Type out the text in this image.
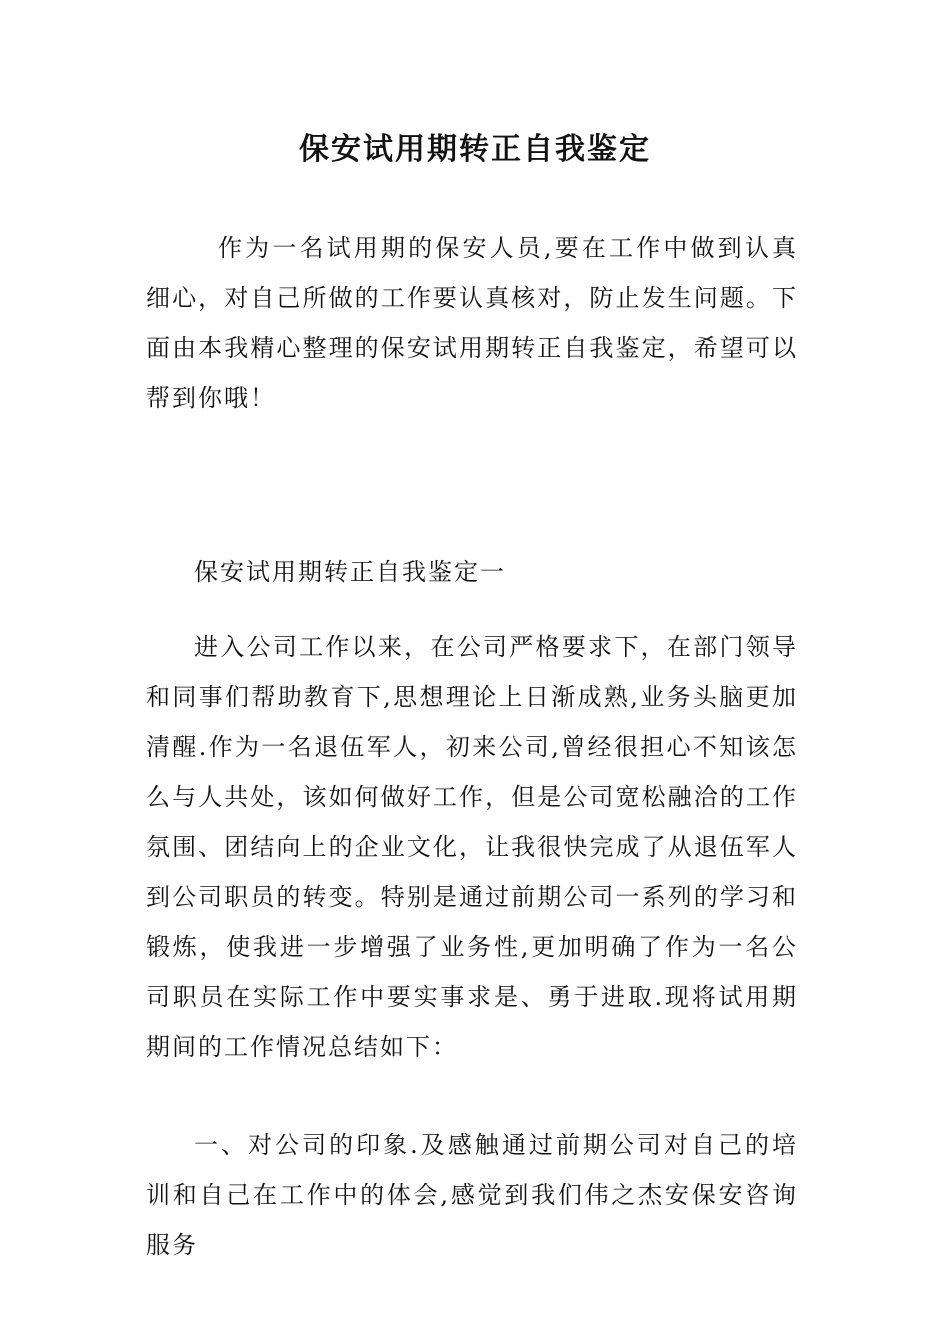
保安试用期转正自我鉴定

作为一名试用期的保安人员,要在工作中做到认真细心，对自己所做的工作要认真核对，防止发生问题。下面由本我精心整理的保安试用期转正自我鉴定，希望可以帮到你哦！

保安试用期转正自我鉴定一

进入公司工作以来，在公司严格要求下，在部门领导和同事们帮助教育下,思想理论上日渐成熟,业务头脑更加清醒.作为一名退伍军人，初来公司,曾经很担心不知该怎么与人共处，该如何做好工作，但是公司宽松融洽的工作氛围、团结向上的企业文化，让我很快完成了从退伍军人到公司职员的转变。特别是通过前期公司一系列的学习和锻炼，使我进一步增强了业务性,更加明确了作为一名公司职员在实际工作中要实事求是、勇于进取.现将试用期期间的工作情况总结如下：

一、对公司的印象.及感触通过前期公司对自己的培训和自己在工作中的体会,感觉到我们伟之杰安保安咨询服务
